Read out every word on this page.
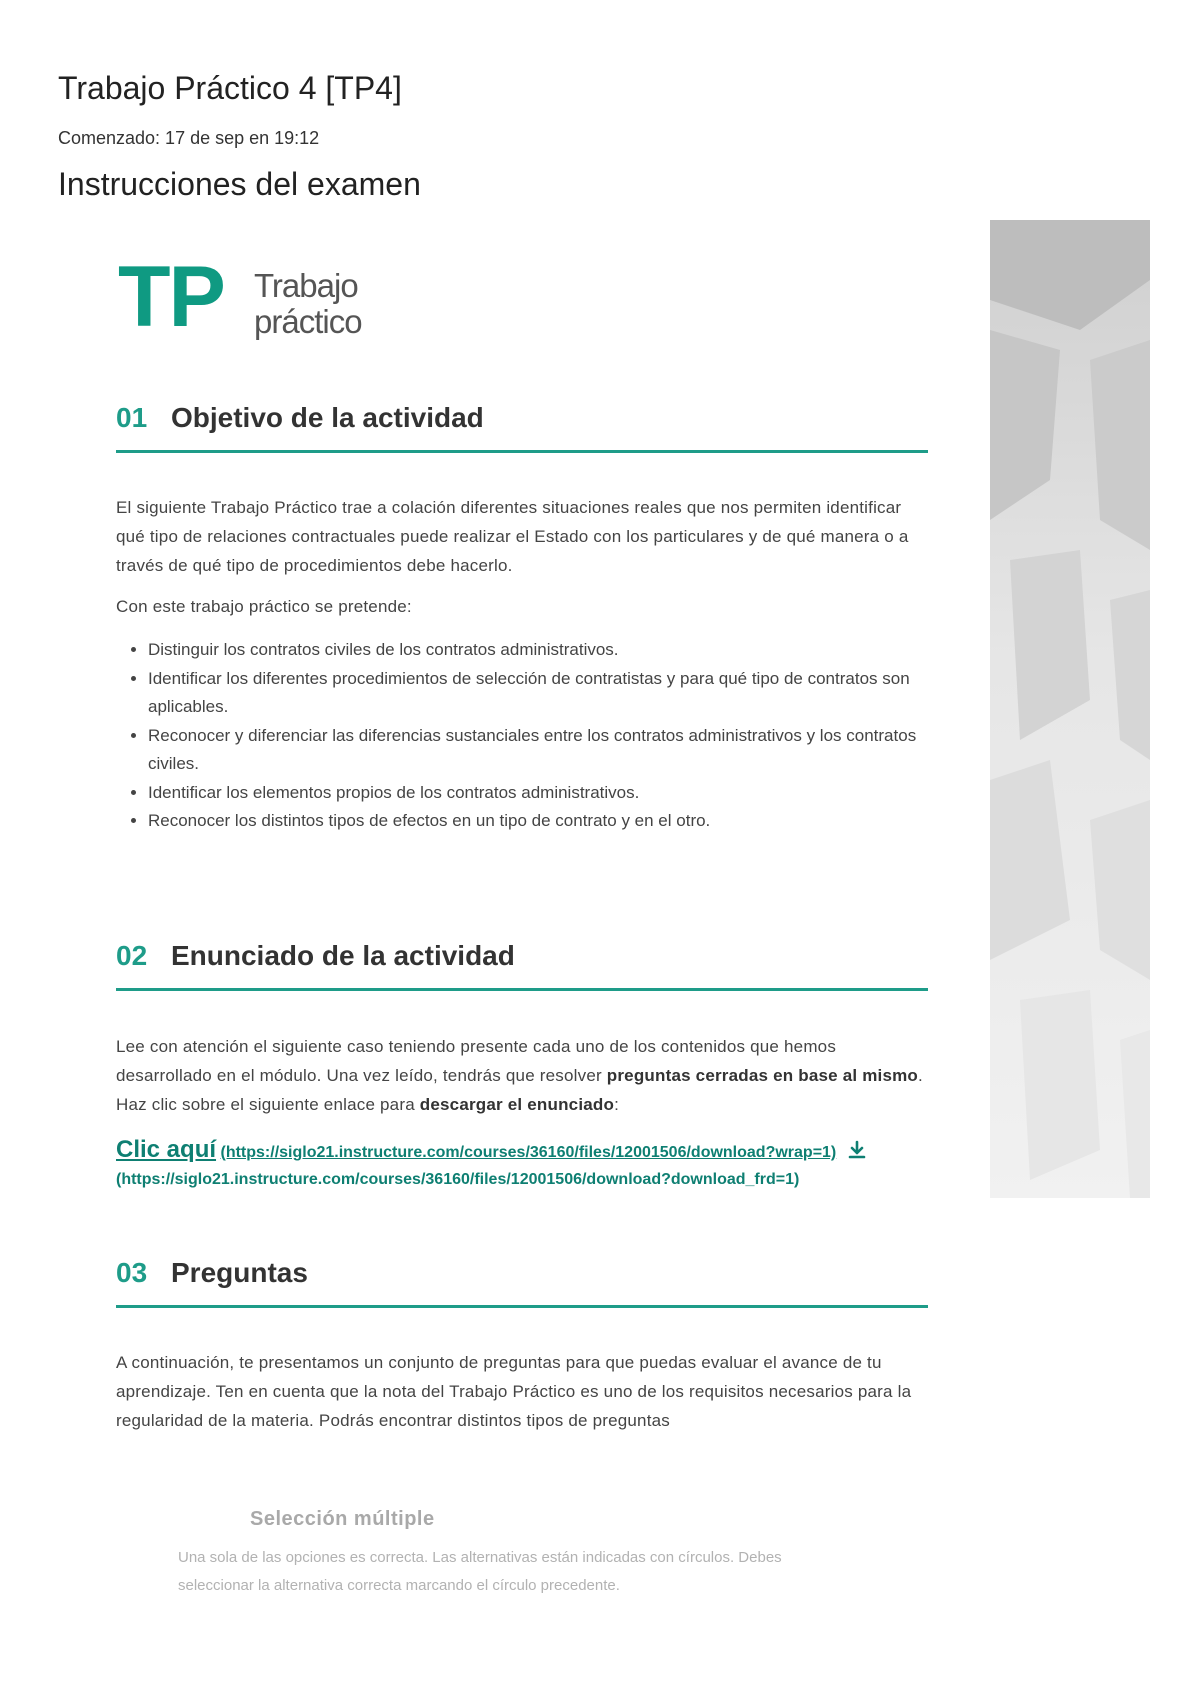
Trabajo Práctico 4 [TP4]
Comenzado: 17 de sep en 19:12
Instrucciones del examen
TP Trabajo
práctico
01 Objetivo de la actividad

El siguiente Trabajo Práctico trae a colación diferentes situaciones reales que nos permiten identificar qué tipo de relaciones contractuales puede realizar el Estado con los particulares y de qué manera o a través de qué tipo de procedimientos debe hacerlo.

Con este trabajo práctico se pretende:

• Distinguir los contratos civiles de los contratos administrativos.
• Identificar los diferentes procedimientos de selección de contratistas y para qué tipo de contratos son aplicables.
• Reconocer y diferenciar las diferencias sustanciales entre los contratos administrativos y los contratos civiles.
• Identificar los elementos propios de los contratos administrativos.
• Reconocer los distintos tipos de efectos en un tipo de contrato y en el otro.
02 Enunciado de la actividad

Lee con atención el siguiente caso teniendo presente cada uno de los contenidos que hemos desarrollado en el módulo. Una vez leído, tendrás que resolver preguntas cerradas en base al mismo. Haz clic sobre el siguiente enlace para descargar el enunciado:

Clic aquí (https://siglo21.instructure.com/courses/36160/files/12001506/download?wrap=1)
(https://siglo21.instructure.com/courses/36160/files/12001506/download?download_frd=1)
03 Preguntas

A continuación, te presentamos un conjunto de preguntas para que puedas evaluar el avance de tu aprendizaje. Ten en cuenta que la nota del Trabajo Práctico es uno de los requisitos necesarios para la regularidad de la materia. Podrás encontrar distintos tipos de preguntas

Selección múltiple
Una sola de las opciones es correcta. Las alternativas están indicadas con círculos. Debes seleccionar la alternativa correcta marcando el círculo precedente.
